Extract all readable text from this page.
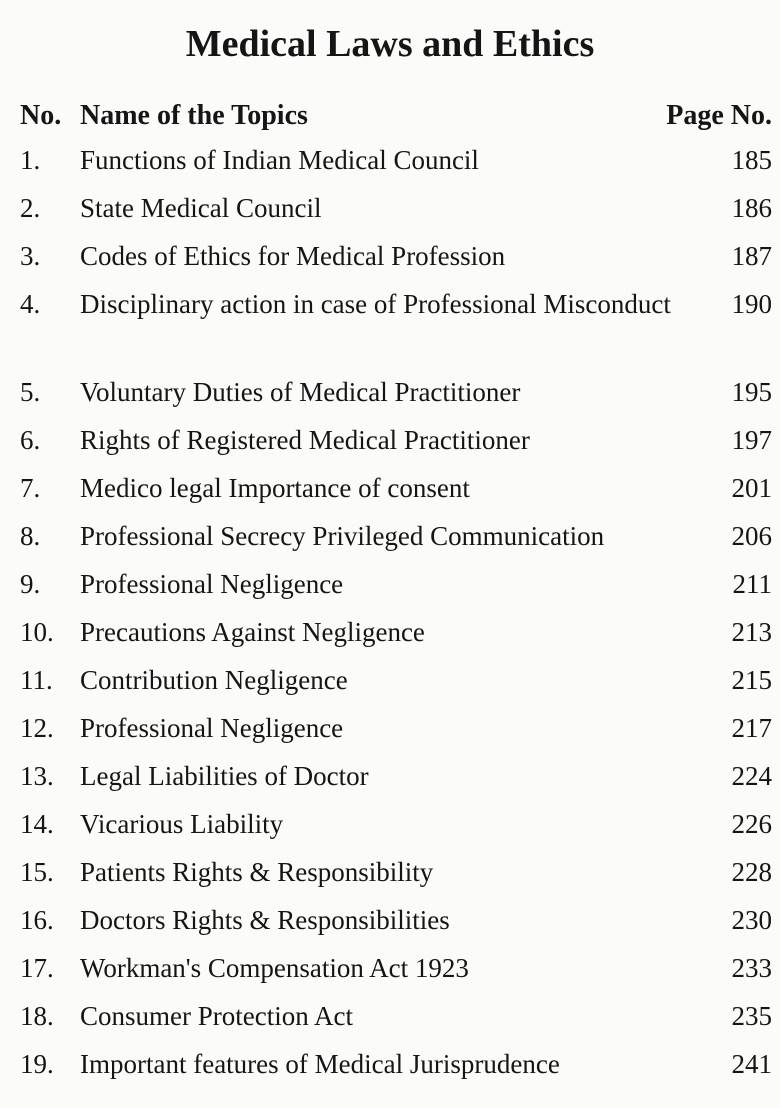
Medical Laws and Ethics
No. Name of the Topics	Page No.
1.	Functions of Indian Medical Council	185
2.	State Medical Council	186
3.	Codes of Ethics for Medical Profession	187
4.	Disciplinary action in case of Professional Misconduct	190
5.	Voluntary Duties of Medical Practitioner	195
6.	Rights of Registered Medical Practitioner	197
7.	Medico legal Importance of consent	201
8.	Professional Secrecy Privileged Communication	206
9.	Professional Negligence	211
10. Precautions Against Negligence	213
11.	Contribution Negligence	215
12. Professional Negligence	217
13. Legal Liabilities of Doctor	224
14. Vicarious Liability	226
15. Patients Rights & Responsibility	228
16. Doctors Rights & Responsibilities	230
17. Workman's Compensation Act 1923	233
18. Consumer Protection Act	235
19. Important features of Medical Jurisprudence	241
